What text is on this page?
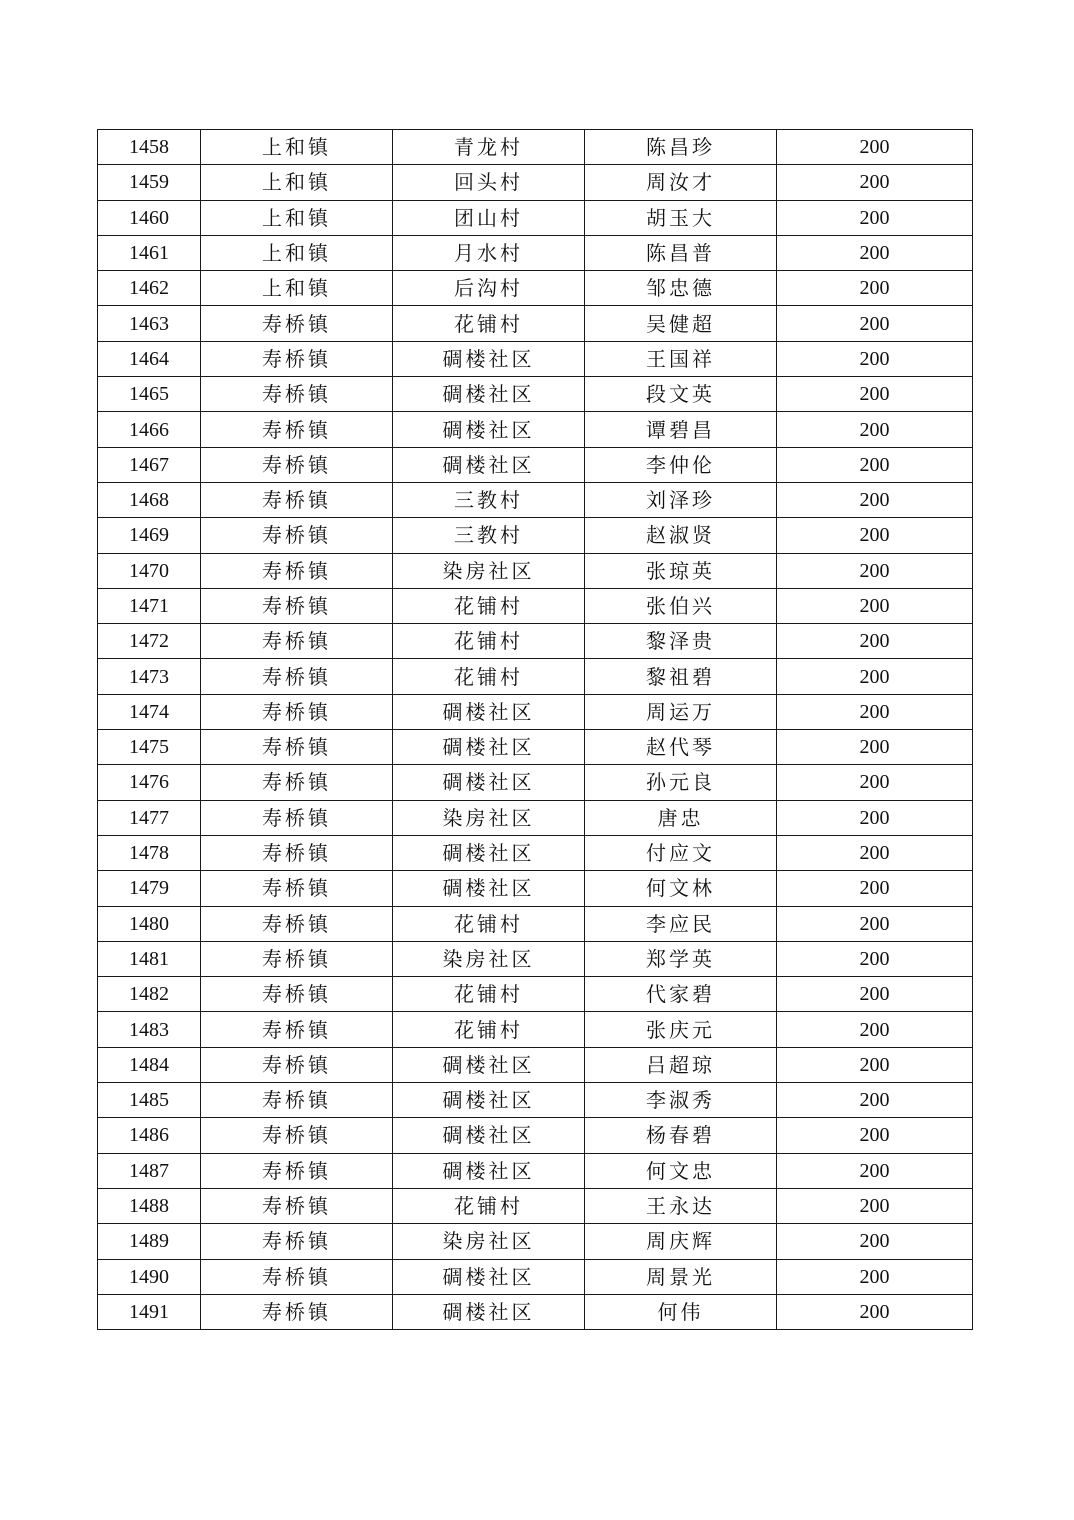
1458	上和镇	青龙村	陈昌珍	200
1459	上和镇	回头村	周汝才	200
1460	上和镇	团山村	胡玉大	200
1461	上和镇	月水村	陈昌普	200
1462	上和镇	后沟村	邹忠德	200
1463	寿桥镇	花铺村	吴健超	200
1464	寿桥镇	碉楼社区	王国祥	200
1465	寿桥镇	碉楼社区	段文英	200
1466	寿桥镇	碉楼社区	谭碧昌	200
1467	寿桥镇	碉楼社区	李仲伦	200
1468	寿桥镇	三教村	刘泽珍	200
1469	寿桥镇	三教村	赵淑贤	200
1470	寿桥镇	染房社区	张琼英	200
1471	寿桥镇	花铺村	张伯兴	200
1472	寿桥镇	花铺村	黎泽贵	200
1473	寿桥镇	花铺村	黎祖碧	200
1474	寿桥镇	碉楼社区	周运万	200
1475	寿桥镇	碉楼社区	赵代琴	200
1476	寿桥镇	碉楼社区	孙元良	200
1477	寿桥镇	染房社区	唐忠	200
1478	寿桥镇	碉楼社区	付应文	200
1479	寿桥镇	碉楼社区	何文林	200
1480	寿桥镇	花铺村	李应民	200
1481	寿桥镇	染房社区	郑学英	200
1482	寿桥镇	花铺村	代家碧	200
1483	寿桥镇	花铺村	张庆元	200
1484	寿桥镇	碉楼社区	吕超琼	200
1485	寿桥镇	碉楼社区	李淑秀	200
1486	寿桥镇	碉楼社区	杨春碧	200
1487	寿桥镇	碉楼社区	何文忠	200
1488	寿桥镇	花铺村	王永达	200
1489	寿桥镇	染房社区	周庆辉	200
1490	寿桥镇	碉楼社区	周景光	200
1491	寿桥镇	碉楼社区	何伟	200
